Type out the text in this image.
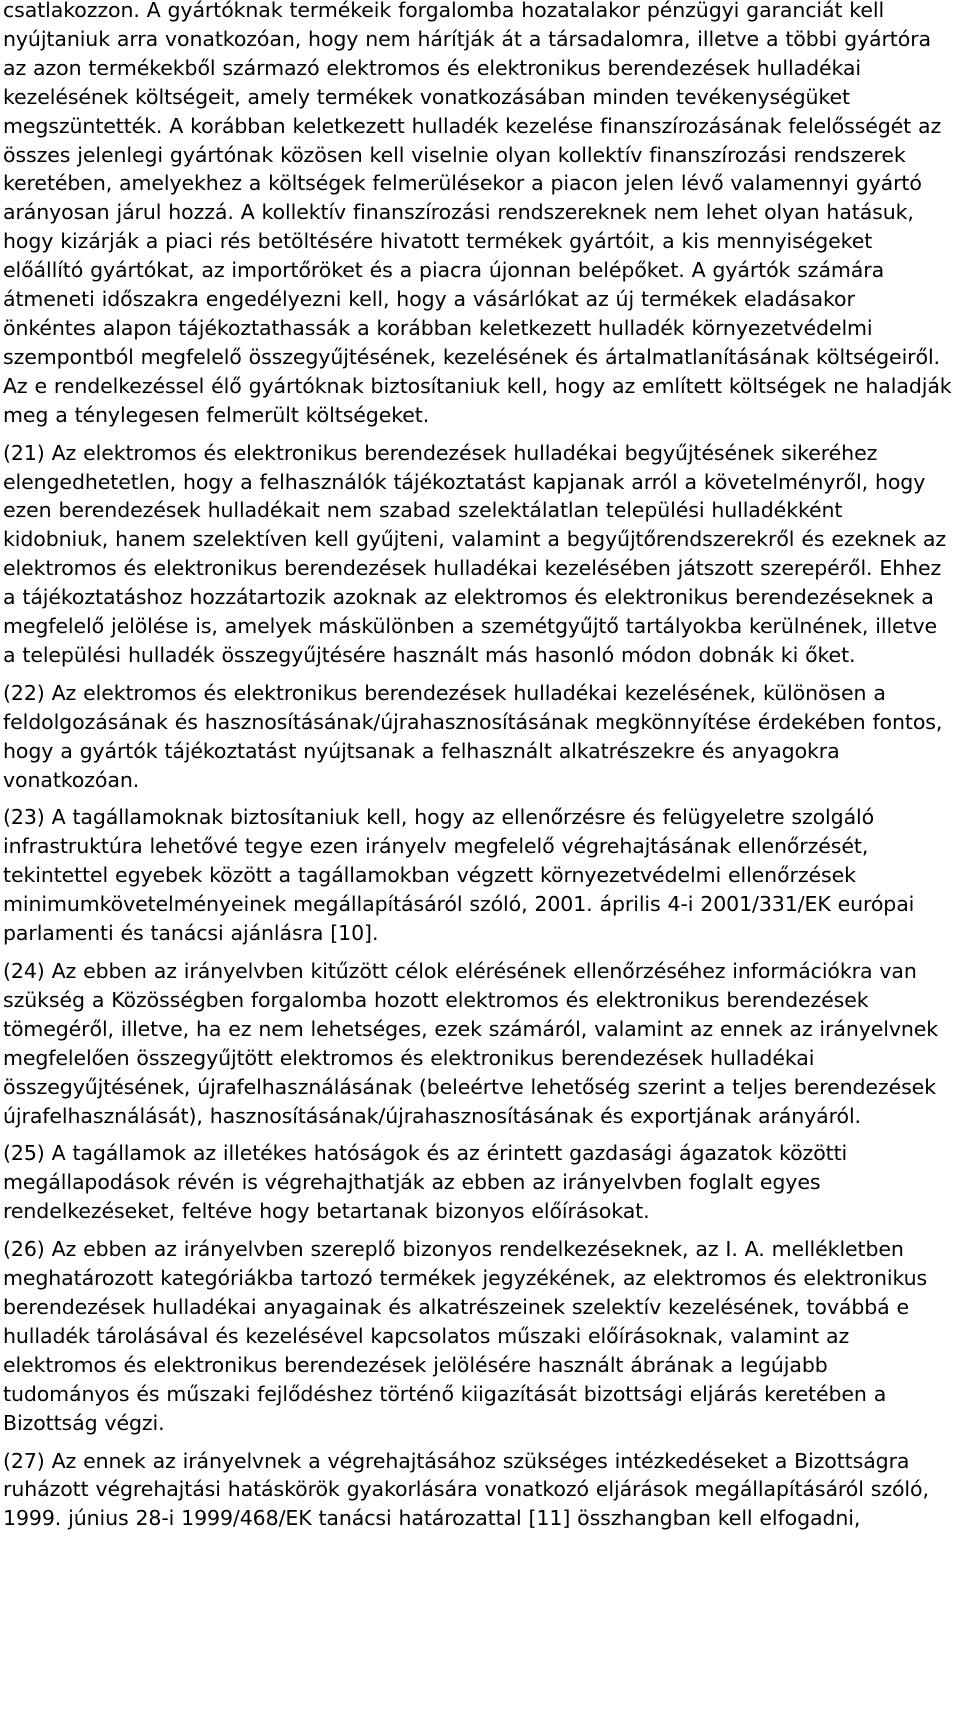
csatlakozzon. A gyártóknak termékeik forgalomba hozatalakor pénzügyi garanciát kell nyújtaniuk arra vonatkozóan, hogy nem hárítják át a társadalomra, illetve a többi gyártóra az azon termékekből származó elektromos és elektronikus berendezések hulladékai kezelésének költségeit, amely termékek vonatkozásában minden tevékenységüket megszüntették. A korábban keletkezett hulladék kezelése finanszírozásának felelősségét az összes jelenlegi gyártónak közösen kell viselnie olyan kollektív finanszírozási rendszerek keretében, amelyekhez a költségek felmerülésekor a piacon jelen lévő valamennyi gyártó arányosan járul hozzá. A kollektív finanszírozási rendszereknek nem lehet olyan hatásuk, hogy kizárják a piaci rés betöltésére hivatott termékek gyártóit, a kis mennyiségeket előállító gyártókat, az importőröket és a piacra újonnan belépőket. A gyártók számára átmeneti időszakra engedélyezni kell, hogy a vásárlókat az új termékek eladásakor önkéntes alapon tájékoztathassák a korábban keletkezett hulladék környezetvédelmi szempontból megfelelő összegyűjtésének, kezelésének és ártalmatlanításának költségeiről. Az e rendelkezéssel élő gyártóknak biztosítaniuk kell, hogy az említett költségek ne haladják meg a ténylegesen felmerült költségeket.

(21) Az elektromos és elektronikus berendezések hulladékai begyűjtésének sikeréhez elengedhetetlen, hogy a felhasználók tájékoztatást kapjanak arról a követelményről, hogy ezen berendezések hulladékait nem szabad szelektálatlan települési hulladékként kidobniuk, hanem szelektíven kell gyűjteni, valamint a begyűjtőrendszerekről és ezeknek az elektromos és elektronikus berendezések hulladékai kezelésében játszott szerepéről. Ehhez a tájékoztatáshoz hozzátartozik azoknak az elektromos és elektronikus berendezéseknek a megfelelő jelölése is, amelyek máskülönben a szemétgyűjtő tartályokba kerülnének, illetve a települési hulladék összegyűjtésére használt más hasonló módon dobnák ki őket.

(22) Az elektromos és elektronikus berendezések hulladékai kezelésének, különösen a feldolgozásának és hasznosításának/újrahasznosításának megkönnyítése érdekében fontos, hogy a gyártók tájékoztatást nyújtsanak a felhasznált alkatrészekre és anyagokra vonatkozóan.

(23) A tagállamoknak biztosítaniuk kell, hogy az ellenőrzésre és felügyeletre szolgáló infrastruktúra lehetővé tegye ezen irányelv megfelelő végrehajtásának ellenőrzését, tekintettel egyebek között a tagállamokban végzett környezetvédelmi ellenőrzések minimumkövetelményeinek megállapításáról szóló, 2001. április 4-i 2001/331/EK európai parlamenti és tanácsi ajánlásra [10].

(24) Az ebben az irányelvben kitűzött célok elérésének ellenőrzéséhez információkra van szükség a Közösségben forgalomba hozott elektromos és elektronikus berendezések tömegéről, illetve, ha ez nem lehetséges, ezek számáról, valamint az ennek az irányelvnek megfelelően összegyűjtött elektromos és elektronikus berendezések hulladékai összegyűjtésének, újrafelhasználásának (beleértve lehetőség szerint a teljes berendezések újrafelhasználását), hasznosításának/újrahasznosításának és exportjának arányáról.

(25) A tagállamok az illetékes hatóságok és az érintett gazdasági ágazatok közötti megállapodások révén is végrehajthatják az ebben az irányelvben foglalt egyes rendelkezéseket, feltéve hogy betartanak bizonyos előírásokat.

(26) Az ebben az irányelvben szereplő bizonyos rendelkezéseknek, az I. A. mellékletben meghatározott kategóriákba tartozó termékek jegyzékének, az elektromos és elektronikus berendezések hulladékai anyagainak és alkatrészeinek szelektív kezelésének, továbbá e hulladék tárolásával és kezelésével kapcsolatos műszaki előírásoknak, valamint az elektromos és elektronikus berendezések jelölésére használt ábrának a legújabb tudományos és műszaki fejlődéshez történő kiigazítását bizottsági eljárás keretében a Bizottság végzi.

(27) Az ennek az irányelvnek a végrehajtásához szükséges intézkedéseket a Bizottságra ruházott végrehajtási hatáskörök gyakorlására vonatkozó eljárások megállapításáról szóló, 1999. június 28-i 1999/468/EK tanácsi határozattal [11] összhangban kell elfogadni,
